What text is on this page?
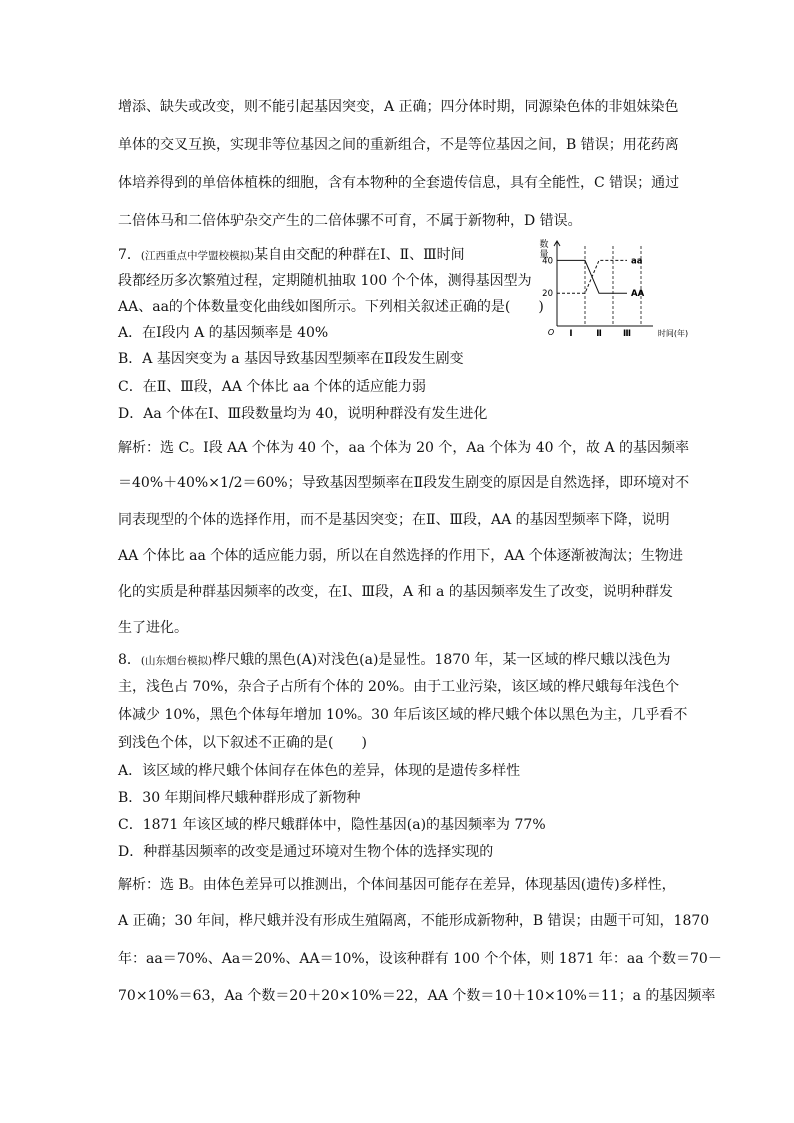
增添、缺失或改变，则不能引起基因突变，A 正确；四分体时期，同源染色体的非姐妹染色
单体的交叉互换，实现非等位基因之间的重新组合，不是等位基因之间，B 错误；用花药离
体培养得到的单倍体植株的细胞，含有本物种的全套遗传信息，具有全能性，C 错误；通过
二倍体马和二倍体驴杂交产生的二倍体骡不可育，不属于新物种，D 错误。
7．(江西重点中学盟校模拟)某自由交配的种群在Ⅰ、Ⅱ、Ⅲ时间
段都经历多次繁殖过程，定期随机抽取 100 个个体，测得基因型为
AA、aa的个体数量变化曲线如图所示。下列相关叙述正确的是(　　)
A．在Ⅰ段内 A 的基因频率是 40%
B．A 基因突变为 a 基因导致基因型频率在Ⅱ段发生剧变
C．在Ⅱ、Ⅲ段，AA 个体比 aa 个体的适应能力弱
D．Aa 个体在Ⅰ、Ⅲ段数量均为 40，说明种群没有发生进化
解析：选 C。Ⅰ段 AA 个体为 40 个，aa 个体为 20 个，Aa 个体为 40 个，故 A 的基因频率
＝40%＋40%×1/2＝60%；导致基因型频率在Ⅱ段发生剧变的原因是自然选择，即环境对不
同表现型的个体的选择作用，而不是基因突变；在Ⅱ、Ⅲ段，AA 的基因型频率下降，说明
AA 个体比 aa 个体的适应能力弱，所以在自然选择的作用下，AA 个体逐渐被淘汰；生物进
化的实质是种群基因频率的改变，在Ⅰ、Ⅲ段，A 和 a 的基因频率发生了改变，说明种群发
生了进化。
数
量
O
20
40
Ⅰ	Ⅱ Ⅲ	时间(年)
aa
AA
8．(山东烟台模拟)桦尺蛾的黑色(A)对浅色(a)是显性。1870 年，某一区域的桦尺蛾以浅色为
主，浅色占 70%，杂合子占所有个体的 20%。由于工业污染，该区域的桦尺蛾每年浅色个
体减少 10%，黑色个体每年增加 10%。30 年后该区域的桦尺蛾个体以黑色为主，几乎看不
到浅色个体，以下叙述不正确的是(　　)
A．该区域的桦尺蛾个体间存在体色的差异，体现的是遗传多样性
B．30 年期间桦尺蛾种群形成了新物种
C．1871 年该区域的桦尺蛾群体中，隐性基因(a)的基因频率为 77%
D．种群基因频率的改变是通过环境对生物个体的选择实现的
解析：选 B。由体色差异可以推测出，个体间基因可能存在差异，体现基因(遗传)多样性，
A 正确；30 年间，桦尺蛾并没有形成生殖隔离，不能形成新物种，B 错误；由题干可知，1870
年：aa＝70%、Aa＝20%、AA＝10%，设该种群有 100 个个体，则 1871 年：aa 个数＝70－
70×10%＝63，Aa 个数＝20＋20×10%＝22，AA 个数＝10＋10×10%＝11；a 的基因频率
